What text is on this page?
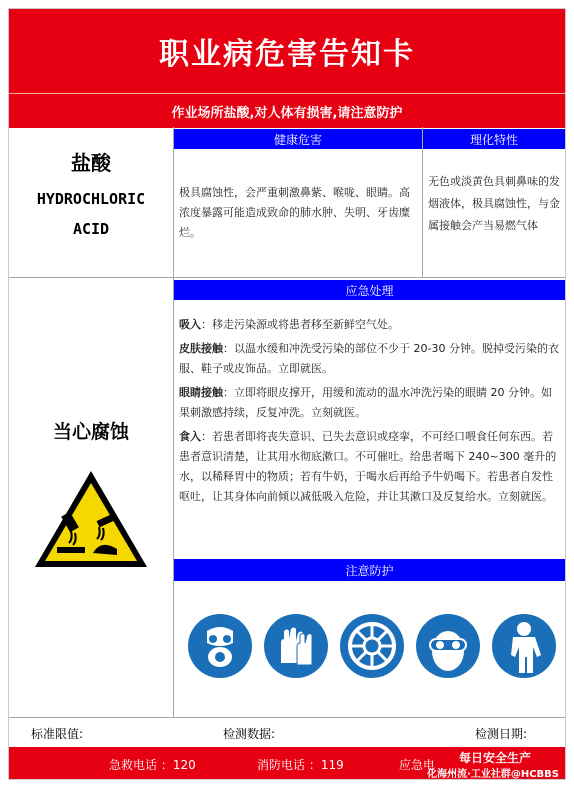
职业病危害告知卡
作业场所盐酸,对人体有损害,请注意防护
盐酸
HYDROCHLORIC
ACID
健康危害
极具腐蚀性，会严重刺激鼻紫、喉咙、眼睛。高浓度暴露可能造成致命的肺水肿、失明、牙齿糜烂。
理化特性
无色或淡黄色具刺鼻味的发烟液体，极具腐蚀性，与金属接触会产当易燃气体
应急处理
吸入：移走污染源或将患者移至新鲜空气处。
皮肤接触：以温水缓和冲洗受污染的部位不少于 20-30 分钟。脱掉受污染的衣服、鞋子或皮饰品。立即就医。
眼睛接触：立即将眼皮撑开，用缓和流动的温水冲洗污染的眼睛 20 分钟。如果刺激感持续，反复冲洗。立刻就医。
食入：若患者即将丧失意识、已失去意识或痉挛，不可经口喂食任何东西。若患者意识清楚，让其用水彻底漱口。不可催吐。给患者喝下 240~300 毫升的水，以稀释胃中的物质；若有牛奶，于喝水后再给予牛奶喝下。若患者自发性呕吐，让其身体向前倾以减低吸入危险，并让其漱口及反复给水。立刻就医。
当心腐蚀
注意防护
标准限值:	检测数据:	检测日期:
急救电话 ：120	消防电话 ：119	应急电 每日安全生产
化海州流·工业社群@HCBBS
